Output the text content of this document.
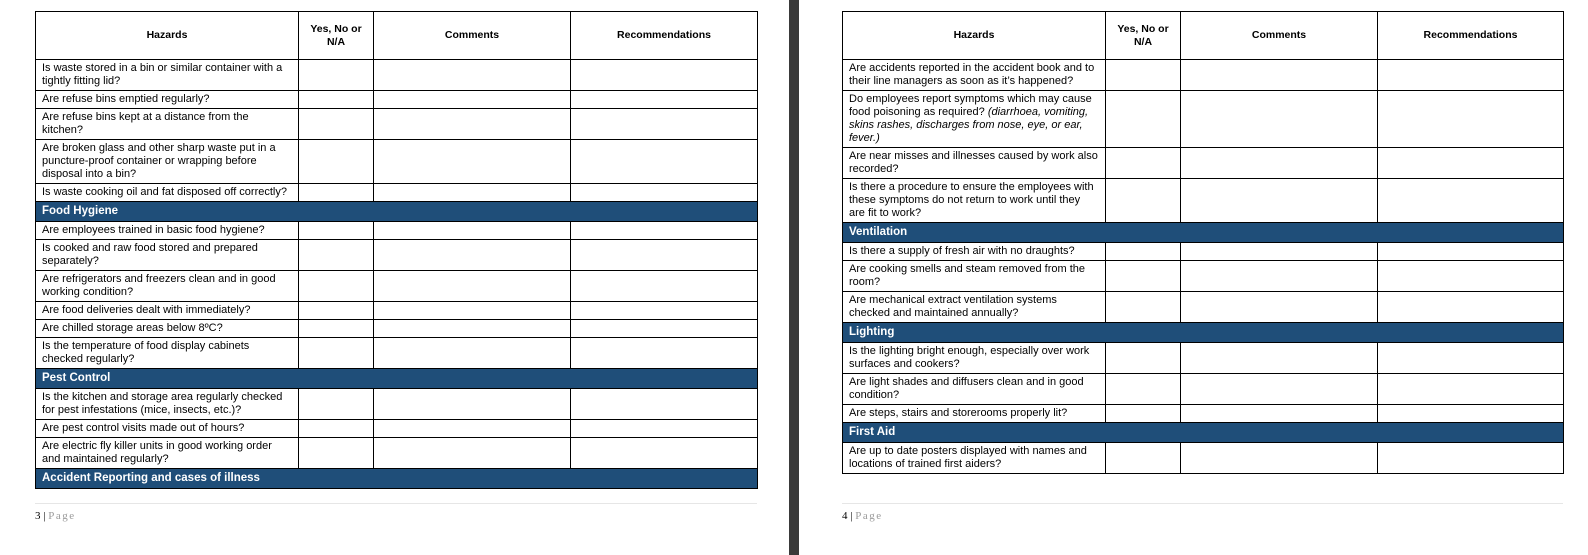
Hazards	Yes, No or N/A	Comments	Recommendations
Is waste stored in a bin or similar container with a tightly fitting lid?			
Are refuse bins emptied regularly?			
Are refuse bins kept at a distance from the kitchen?			
Are broken glass and other sharp waste put in a puncture-proof container or wrapping before disposal into a bin?			
Is waste cooking oil and fat disposed off correctly?			
Food Hygiene			
Are employees trained in basic food hygiene?			
Is cooked and raw food stored and prepared separately?			
Are refrigerators and freezers clean and in good working condition?			
Are food deliveries dealt with immediately?			
Are chilled storage areas below 8ºC?			
Is the temperature of food display cabinets checked regularly?			
Pest Control			
Is the kitchen and storage area regularly checked for pest infestations (mice, insects, etc.)?			
Are pest control visits made out of hours?			
Are electric fly killer units in good working order and maintained regularly?			
Accident Reporting and cases of illness			
3 | Page
Hazards	Yes, No or N/A	Comments	Recommendations
Are accidents reported in the accident book and to their line managers as soon as it’s happened?			
Do employees report symptoms which may cause food poisoning as required? (diarrhoea, vomiting, skins rashes, discharges from nose, eye, or ear, fever.)			
Are near misses and illnesses caused by work also recorded?			
Is there a procedure to ensure the employees with these symptoms do not return to work until they are fit to work?			
Ventilation			
Is there a supply of fresh air with no draughts?			
Are cooking smells and steam removed from the room?			
Are mechanical extract ventilation systems checked and maintained annually?			
Lighting			
Is the lighting bright enough, especially over work surfaces and cookers?			
Are light shades and diffusers clean and in good condition?			
Are steps, stairs and storerooms properly lit?			
First Aid			
Are up to date posters displayed with names and locations of trained first aiders?			
4 | Page
